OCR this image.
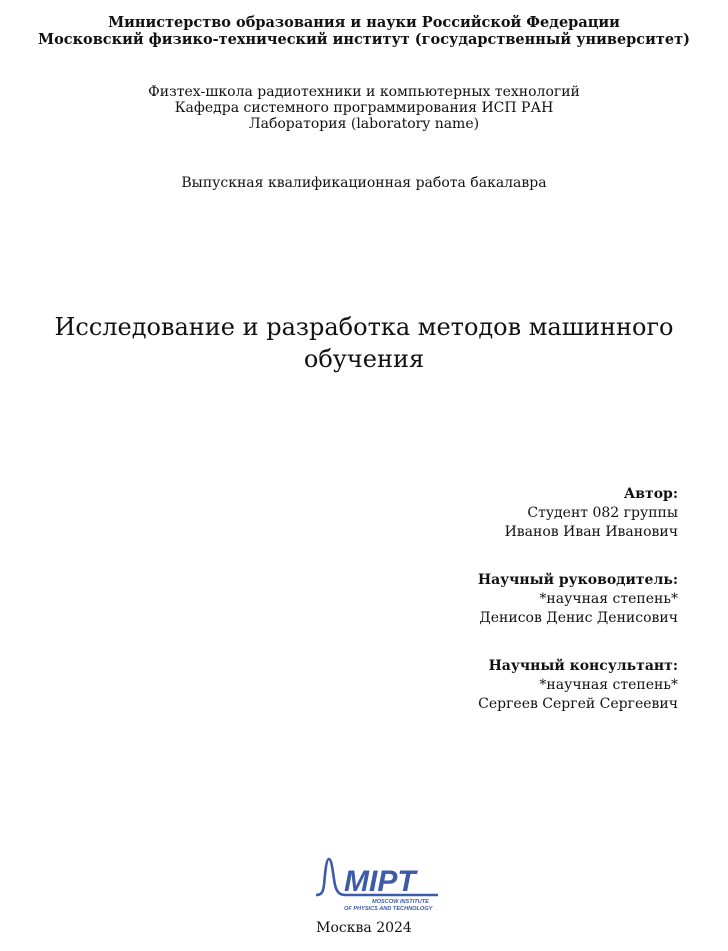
Министерство образования и науки Российской Федерации
Московский физико-технический институт (государственный университет)
Физтех-школа радиотехники и компьютерных технологий
Кафедра системного программирования ИСП РАН
Лаборатория (laboratory name)
Выпускная квалификационная работа бакалавра
Исследование и разработка методов машинного
обучения
Автор:
Студент 082 группы
Иванов Иван Иванович
Научный руководитель:
*научная степень*
Денисов Денис Денисович
Научный консультант:
*научная степень*
Сергеев Сергей Сергеевич
MIPT
MOSCOW INSTITUTE
OF PHYSICS AND TECHNOLOGY
Москва 2024
